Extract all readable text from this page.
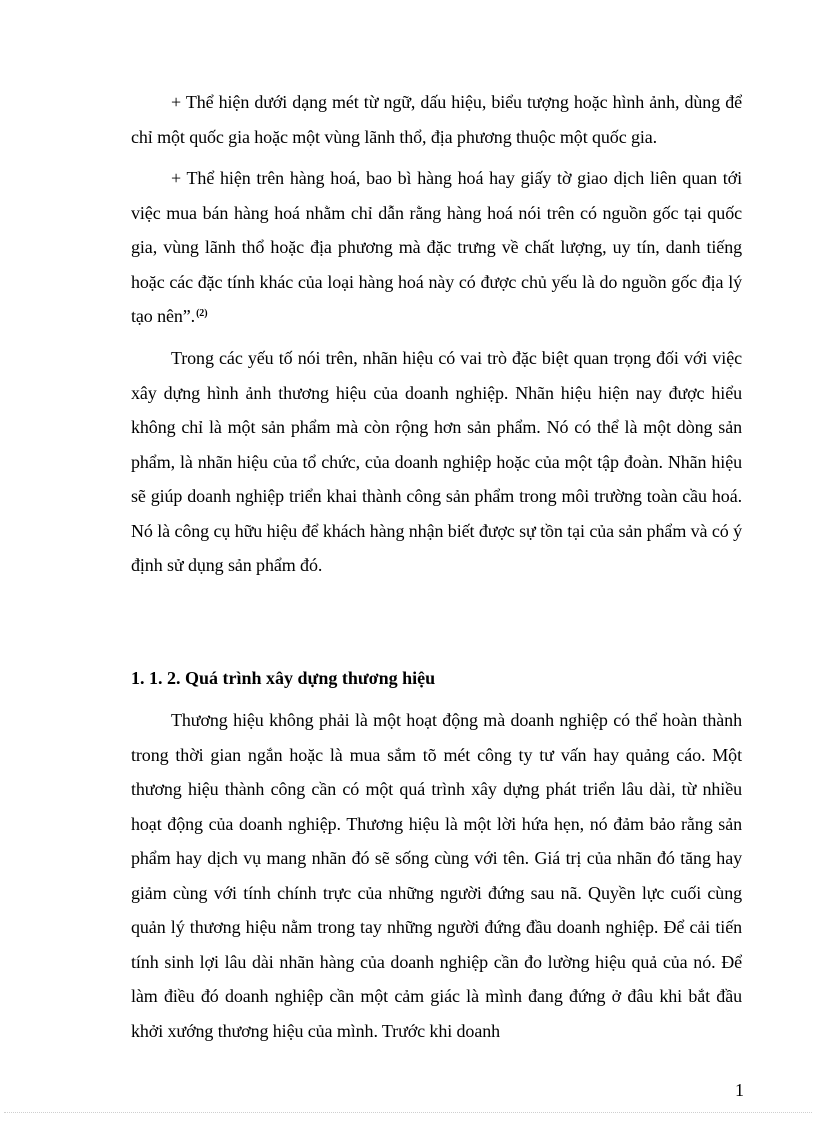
+ Thể hiện dưới dạng mét từ ngữ, dấu hiệu, biểu tượng hoặc hình ảnh, dùng để chỉ một quốc gia hoặc một vùng lãnh thổ, địa phương thuộc một quốc gia.

+ Thể hiện trên hàng hoá, bao bì hàng hoá hay giấy tờ giao dịch liên quan tới việc mua bán hàng hoá nhằm chỉ dẫn rằng hàng hoá nói trên có nguồn gốc tại quốc gia, vùng lãnh thổ hoặc địa phương mà đặc trưng về chất lượng, uy tín, danh tiếng hoặc các đặc tính khác của loại hàng hoá này có được chủ yếu là do nguồn gốc địa lý tạo nên”.$^{(2)}$

Trong các yếu tố nói trên, nhãn hiệu có vai trò đặc biệt quan trọng đối với việc xây dựng hình ảnh thương hiệu của doanh nghiệp. Nhãn hiệu hiện nay được hiểu không chỉ là một sản phẩm mà còn rộng hơn sản phẩm. Nó có thể là một dòng sản phẩm, là nhãn hiệu của tổ chức, của doanh nghiệp hoặc của một tập đoàn. Nhãn hiệu sẽ giúp doanh nghiệp triển khai thành công sản phẩm trong môi trường toàn cầu hoá. Nó là công cụ hữu hiệu để khách hàng nhận biết được sự tồn tại của sản phẩm và có ý định sử dụng sản phẩm đó.

1. 1. 2. Quá trình xây dựng thương hiệu

Thương hiệu không phải là một hoạt động mà doanh nghiệp có thể hoàn thành trong thời gian ngắn hoặc là mua sắm tõ mét công ty tư vấn hay quảng cáo. Một thương hiệu thành công cần có một quá trình xây dựng phát triển lâu dài, từ nhiều hoạt động của doanh nghiệp. Thương hiệu là một lời hứa hẹn, nó đảm bảo rằng sản phẩm hay dịch vụ mang nhãn đó sẽ sống cùng với tên. Giá trị của nhãn đó tăng hay giảm cùng với tính chính trực của những người đứng sau nã. Quyền lực cuối cùng quản lý thương hiệu nằm trong tay những người đứng đầu doanh nghiệp. Để cải tiến tính sinh lợi lâu dài nhãn hàng của doanh nghiệp cần đo lường hiệu quả của nó. Để làm điều đó doanh nghiệp cần một cảm giác là mình đang đứng ở đâu khi bắt đầu khởi xướng thương hiệu của mình. Trước khi doanh

1
